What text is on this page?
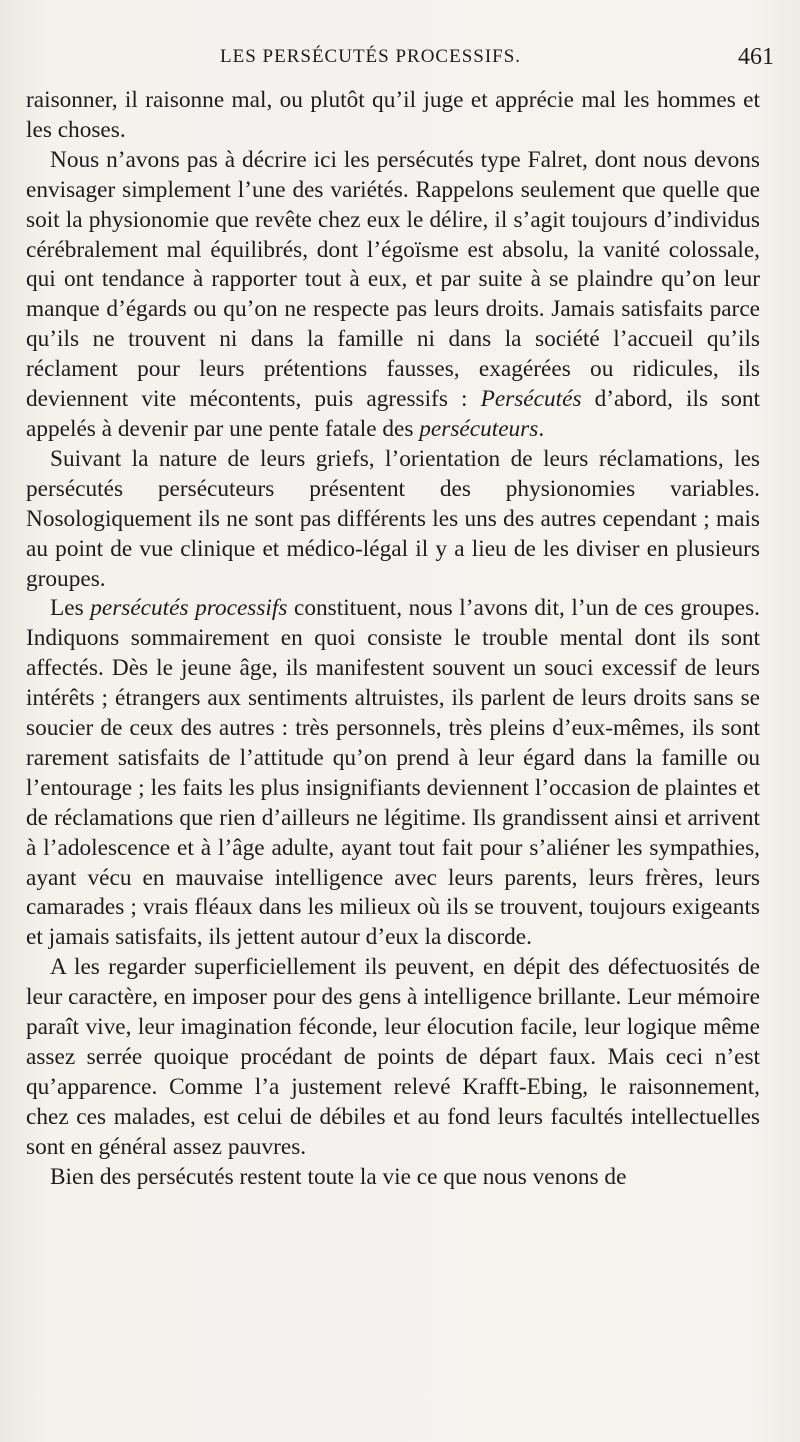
LES PERSÉCUTÉS PROCESSIFS.	461

raisonner, il raisonne mal, ou plutôt qu’il juge et apprécie mal les hommes et les choses.

Nous n’avons pas à décrire ici les persécutés type Falret, dont nous devons envisager simplement l’une des variétés. Rappelons seulement que quelle que soit la physionomie que revête chez eux le délire, il s’agit toujours d’individus cérébralement mal équilibrés, dont l’égoïsme est absolu, la vanité colossale, qui ont tendance à rapporter tout à eux, et par suite à se plaindre qu’on leur manque d’égards ou qu’on ne respecte pas leurs droits. Jamais satisfaits parce qu’ils ne trouvent ni dans la famille ni dans la société l’accueil qu’ils réclament pour leurs prétentions fausses, exagérées ou ridicules, ils deviennent vite mécontents, puis agressifs : Persécutés d’abord, ils sont appelés à devenir par une pente fatale des persécuteurs.

Suivant la nature de leurs griefs, l’orientation de leurs réclamations, les persécutés persécuteurs présentent des physionomies variables. Nosologiquement ils ne sont pas différents les uns des autres cependant ; mais au point de vue clinique et médico-légal il y a lieu de les diviser en plusieurs groupes.

Les persécutés processifs constituent, nous l’avons dit, l’un de ces groupes. Indiquons sommairement en quoi consiste le trouble mental dont ils sont affectés. Dès le jeune âge, ils manifestent souvent un souci excessif de leurs intérêts ; étrangers aux sentiments altruistes, ils parlent de leurs droits sans se soucier de ceux des autres : très personnels, très pleins d’eux-mêmes, ils sont rarement satisfaits de l’attitude qu’on prend à leur égard dans la famille ou l’entourage ; les faits les plus insignifiants deviennent l’occasion de plaintes et de réclamations que rien d’ailleurs ne légitime. Ils grandissent ainsi et arrivent à l’adolescence et à l’âge adulte, ayant tout fait pour s’aliéner les sympathies, ayant vécu en mauvaise intelligence avec leurs parents, leurs frères, leurs camarades ; vrais fléaux dans les milieux où ils se trouvent, toujours exigeants et jamais satisfaits, ils jettent autour d’eux la discorde.

A les regarder superficiellement ils peuvent, en dépit des défectuosités de leur caractère, en imposer pour des gens à intelligence brillante. Leur mémoire paraît vive, leur imagination féconde, leur élocution facile, leur logique même assez serrée quoique procédant de points de départ faux. Mais ceci n’est qu’apparence. Comme l’a justement relevé Krafft-Ebing, le raisonnement, chez ces malades, est celui de débiles et au fond leurs facultés intellectuelles sont en général assez pauvres.

Bien des persécutés restent toute la vie ce que nous venons de
